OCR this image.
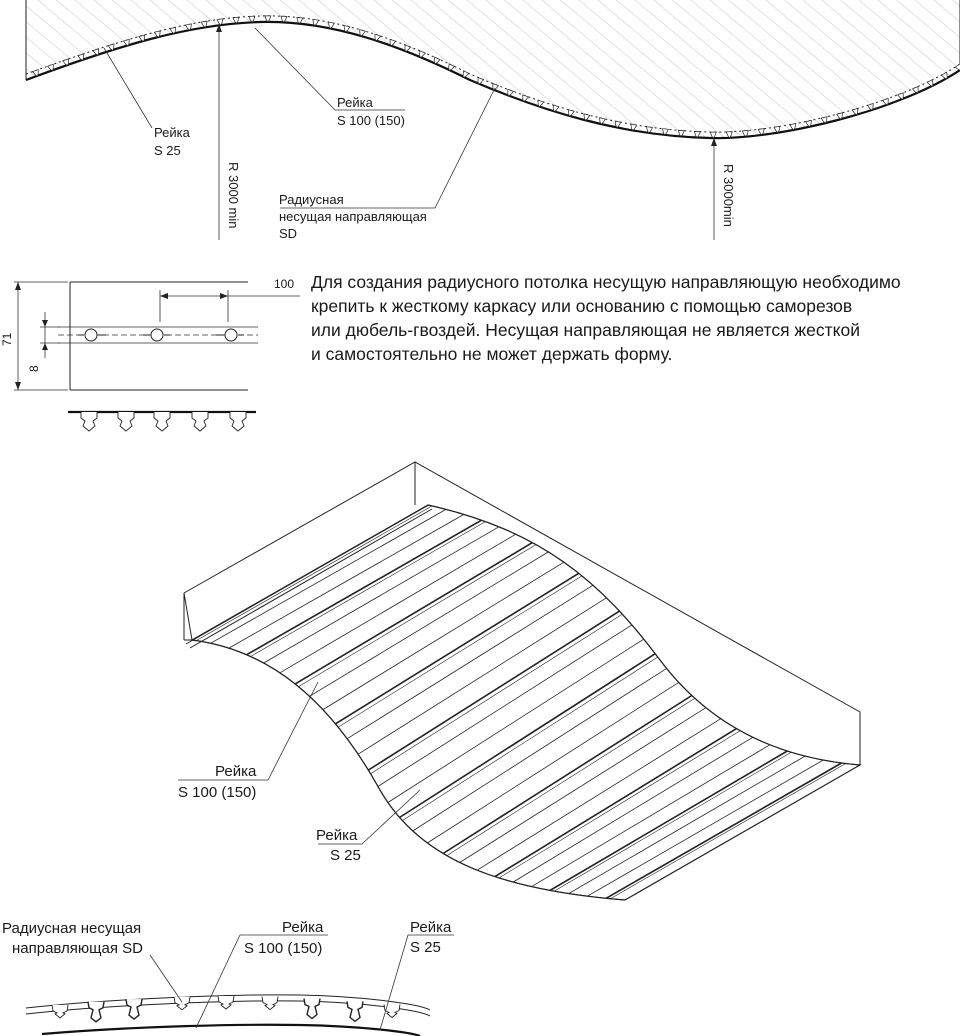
Рейка
S 25
Рейка
S 100 (150)
Радиусная
несущая направляющая
SD
R 3000 min	R 3000min
100
71
8
Рейка
S 100 (150)
Рейка
S 25
Радиусная несущая
направляющая SD
Рейка
S 100 (150)
Рейка
S 25
Для создания радиусного потолка несущую направляющую необходимо
крепить к жесткому каркасу или основанию с помощью саморезов
или дюбель-гвоздей. Несущая направляющая не является жесткой
и самостоятельно не может держать форму.
